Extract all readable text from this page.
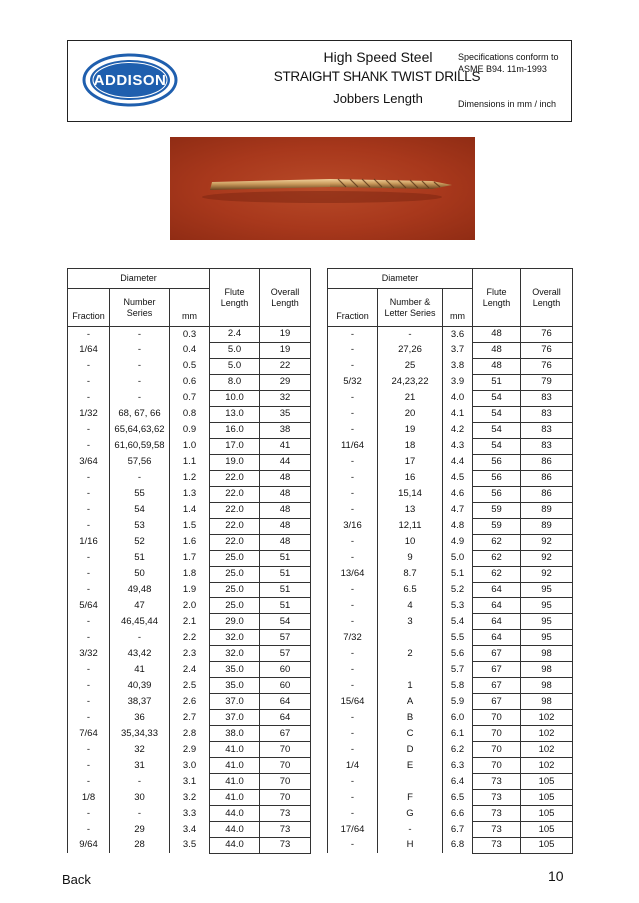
ADDISON
High Speed Steel
STRAIGHT SHANK TWIST DRILLS
Jobbers Length
Specifications conform to
ASME B94. 11m-1993
Dimensions in mm / inch
Diameter			Flute Length	Overall Length
Fraction	Number Series	mm		
-	-	0.3	2.4	19
1/64	-	0.4	5.0	19
-	-	0.5	5.0	22
-	-	0.6	8.0	29
-	-	0.7	10.0	32
1/32	68, 67, 66	0.8	13.0	35
-	65,64,63,62	0.9	16.0	38
-	61,60,59,58	1.0	17.0	41
3/64	57,56	1.1	19.0	44
-	-	1.2	22.0	48
-	55	1.3	22.0	48
-	54	1.4	22.0	48
-	53	1.5	22.0	48
1/16	52	1.6	22.0	48
-	51	1.7	25.0	51
-	50	1.8	25.0	51
-	49,48	1.9	25.0	51
5/64	47	2.0	25.0	51
-	46,45,44	2.1	29.0	54
-	-	2.2	32.0	57
3/32	43,42	2.3	32.0	57
-	41	2.4	35.0	60
-	40,39	2.5	35.0	60
-	38,37	2.6	37.0	64
-	36	2.7	37.0	64
7/64	35,34,33	2.8	38.0	67
-	32	2.9	41.0	70
-	31	3.0	41.0	70
-	-	3.1	41.0	70
1/8	30	3.2	41.0	70
-	-	3.3	44.0	73
-	29	3.4	44.0	73
9/64	28	3.5	44.0	73
Diameter			Flute Length	Overall Length
Fraction	Number & Letter Series	mm		
-	-	3.6	48	76
-	27,26	3.7	48	76
-	25	3.8	48	76
5/32	24,23,22	3.9	51	79
-	21	4.0	54	83
-	20	4.1	54	83
-	19	4.2	54	83
11/64	18	4.3	54	83
-	17	4.4	56	86
-	16	4.5	56	86
-	15,14	4.6	56	86
-	13	4.7	59	89
3/16	12,11	4.8	59	89
-	10	4.9	62	92
-	9	5.0	62	92
13/64	8.7	5.1	62	92
-	6.5	5.2	64	95
-	4	5.3	64	95
-	3	5.4	64	95
7/32		5.5	64	95
-	2	5.6	67	98
-		5.7	67	98
-	1	5.8	67	98
15/64	A	5.9	67	98
-	B	6.0	70	102
-	C	6.1	70	102
-	D	6.2	70	102
1/4	E	6.3	70	102
-		6.4	73	105
-	F	6.5	73	105
-	G	6.6	73	105
17/64	-	6.7	73	105
-	H	6.8	73	105
Back	10
